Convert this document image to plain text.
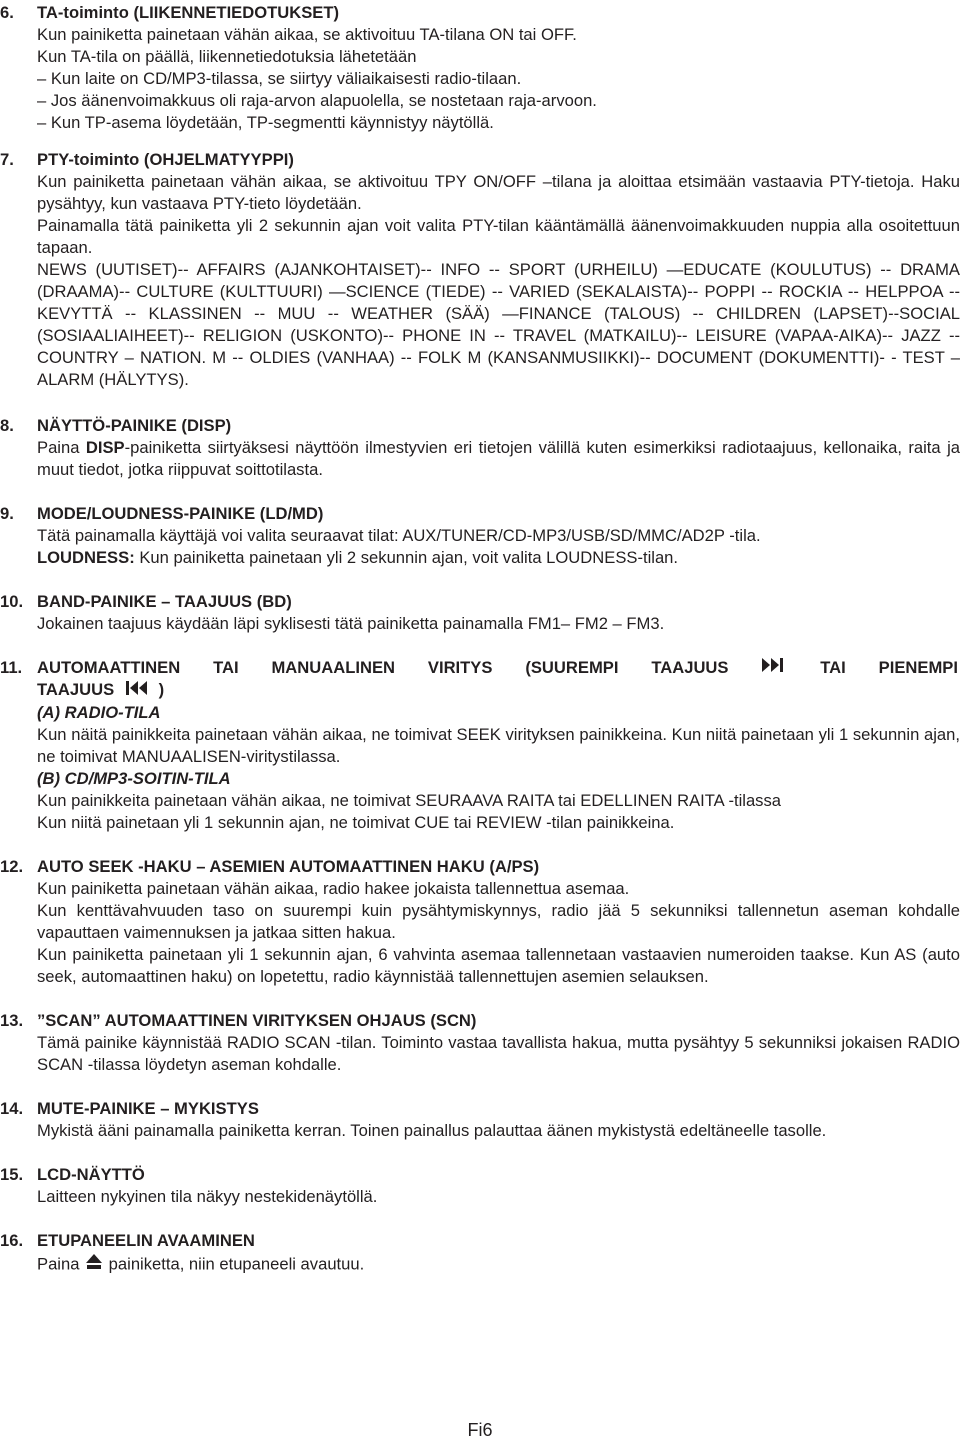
6. TA-toiminto (LIIKENNETIEDOTUKSET)
Kun painiketta painetaan vähän aikaa, se aktivoituu TA-tilana ON tai OFF.
Kun TA-tila on päällä, liikennetiedotuksia lähetetään
– Kun laite on CD/MP3-tilassa, se siirtyy väliaikaisesti radio-tilaan.
– Jos äänenvoimakkuus oli raja-arvon alapuolella, se nostetaan raja-arvoon.
– Kun TP-asema löydetään, TP-segmentti käynnistyy näytöllä.
7. PTY-toiminto (OHJELMATYYPPI)
Kun painiketta painetaan vähän aikaa, se aktivoituu TPY ON/OFF –tilana ja aloittaa etsimään vastaavia PTY-tietoja. Haku pysähtyy, kun vastaava PTY-tieto löydetään.
Painamalla tätä painiketta yli 2 sekunnin ajan voit valita PTY-tilan kääntämällä äänenvoimakkuuden nuppia alla osoitettuun tapaan.
NEWS (UUTISET)-- AFFAIRS (AJANKOHTAISET)-- INFO -- SPORT (URHEILU) —EDUCATE (KOULUTUS) -- DRAMA (DRAAMA)-- CULTURE (KULTTUURI) —SCIENCE (TIEDE) -- VARIED (SEKALAISTA)-- POPPI -- ROCKIA -- HELPPOA -- KEVYTTÄ -- KLASSINEN -- MUU -- WEATHER (SÄÄ) —FINANCE (TALOUS) -- CHILDREN (LAPSET)--SOCIAL (SOSIAALIAIHEET)-- RELIGION (USKONTO)-- PHONE IN -- TRAVEL (MATKAILU)-- LEISURE (VAPAA-AIKA)-- JAZZ -- COUNTRY – NATION. M -- OLDIES (VANHAA) -- FOLK M (KANSANMUSIIKKI)-- DOCUMENT (DOKUMENTTI)- - TEST – ALARM (HÄLYTYS).
8. NÄYTTÖ-PAINIKE (DISP)
Paina DISP-painiketta siirtyäksesi näyttöön ilmestyvien eri tietojen välillä kuten esimerkiksi radiotaajuus, kellonaika, raita ja muut tiedot, jotka riippuvat soittotilasta.
9. MODE/LOUDNESS-PAINIKE (LD/MD)
Tätä painamalla käyttäjä voi valita seuraavat tilat: AUX/TUNER/CD-MP3/USB/SD/MMC/AD2P -tila.
LOUDNESS: Kun painiketta painetaan yli 2 sekunnin ajan, voit valita LOUDNESS-tilan.
10. BAND-PAINIKE – TAAJUUS (BD)
Jokainen taajuus käydään läpi syklisesti tätä painiketta painamalla FM1– FM2 – FM3.
11. AUTOMAATTINEN TAI MANUAALINEN VIRITYS (SUUREMPI TAAJUUS	TAI PIENEMPI
TAAJUUS	)
(A) RADIO-TILA
Kun näitä painikkeita painetaan vähän aikaa, ne toimivat SEEK virityksen painikkeina. Kun niitä painetaan yli 1 sekunnin ajan, ne toimivat MANUAALISEN-viritystilassa.
(B) CD/MP3-SOITIN-TILA
Kun painikkeita painetaan vähän aikaa, ne toimivat SEURAAVA RAITA tai EDELLINEN RAITA -tilassa
Kun niitä painetaan yli 1 sekunnin ajan, ne toimivat CUE tai REVIEW -tilan painikkeina.
12. AUTO SEEK -HAKU – ASEMIEN AUTOMAATTINEN HAKU (A/PS)
Kun painiketta painetaan vähän aikaa, radio hakee jokaista tallennettua asemaa.
Kun kenttävahvuuden taso on suurempi kuin pysähtymiskynnys, radio jää 5 sekunniksi tallennetun aseman kohdalle vapauttaen vaimennuksen ja jatkaa sitten hakua.
Kun painiketta painetaan yli 1 sekunnin ajan, 6 vahvinta asemaa tallennetaan vastaavien numeroiden taakse. Kun AS (auto seek, automaattinen haku) on lopetettu, radio käynnistää tallennettujen asemien selauksen.
13. ”SCAN” AUTOMAATTINEN VIRITYKSEN OHJAUS (SCN)
Tämä painike käynnistää RADIO SCAN -tilan. Toiminto vastaa tavallista hakua, mutta pysähtyy 5 sekunniksi jokaisen RADIO SCAN -tilassa löydetyn aseman kohdalle.
14. MUTE-PAINIKE – MYKISTYS
Mykistä ääni painamalla painiketta kerran. Toinen painallus palauttaa äänen mykistystä edeltäneelle tasolle.
15. LCD-NÄYTTÖ
Laitteen nykyinen tila näkyy nestekidenäytöllä.
16. ETUPANEELIN AVAAMINEN
Paina  painiketta, niin etupaneeli avautuu.
Fi6
